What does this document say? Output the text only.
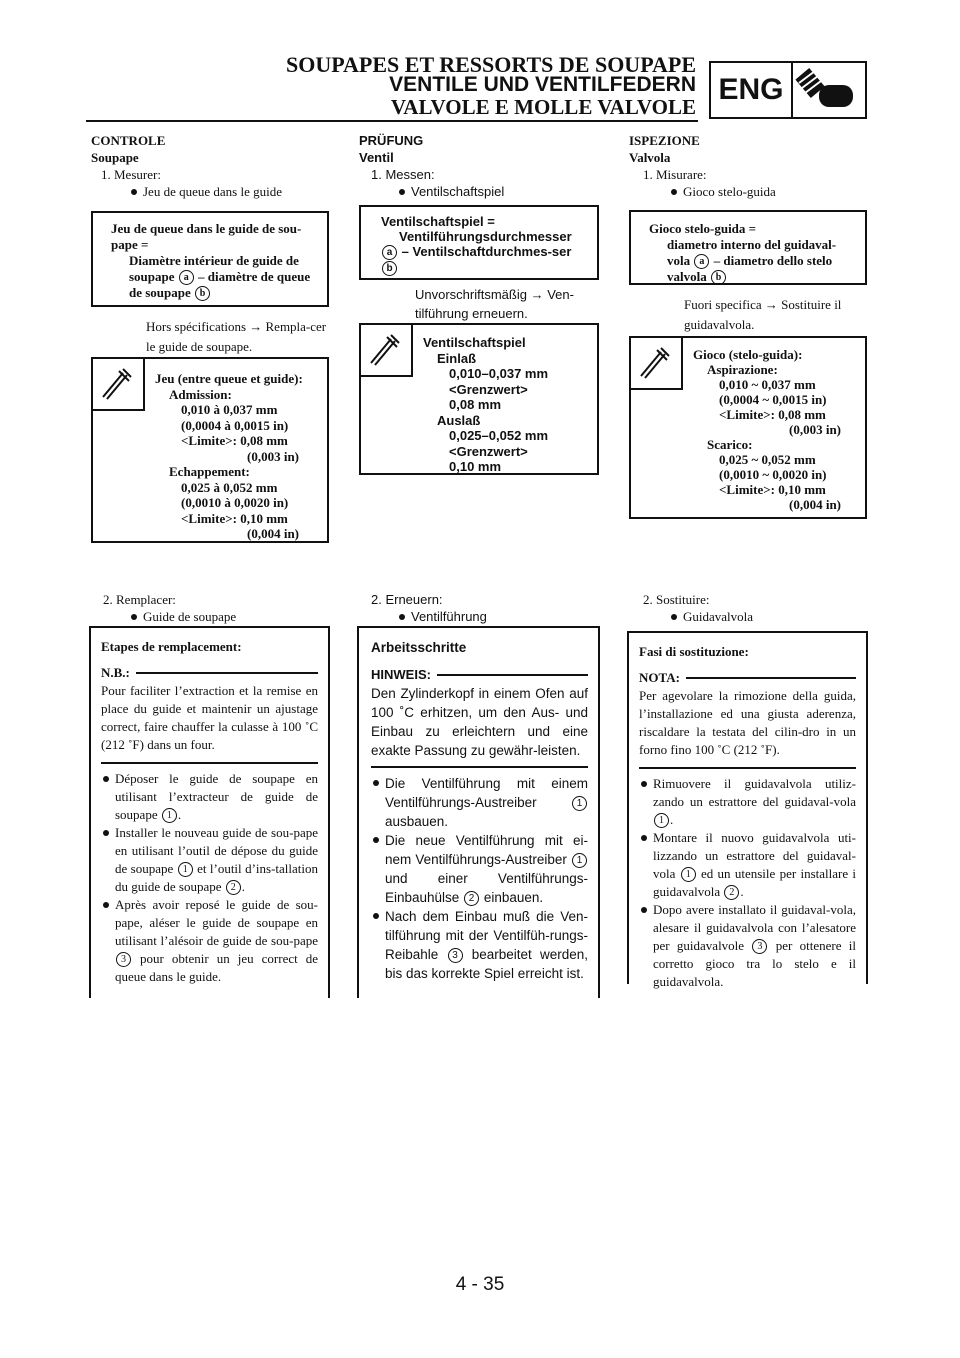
SOUPAPES ET RESSORTS DE SOUPAPE
VENTILE UND VENTILFEDERN
VALVOLE E MOLLE VALVOLE
ENG
CONTROLE
Soupape
1. Mesurer:
Jeu de queue dans le guide
Jeu de queue dans le guide de sou-pape =
Diamètre intérieur de guide de soupape a – diamètre de queue de soupape b
Hors spécifications → Rempla-cer le guide de soupape.
Jeu (entre queue et guide):
Admission:
0,010 à 0,037 mm
(0,0004 à 0,0015 in)
<Limite>: 0,08 mm
(0,003 in)
Echappement:
0,025 à 0,052 mm
(0,0010 à 0,0020 in)
<Limite>: 0,10 mm
(0,004 in)
2. Remplacer:
Guide de soupape
Etapes de remplacement:
N.B.:

Pour faciliter l’extraction et la remise en place du guide et maintenir un ajustage correct, faire chauffer la culasse à 100 ˚C (212 ˚F) dans un four.

Déposer le guide de soupape en utilisant l’extracteur de guide de soupape 1 .
Installer le nouveau guide de sou-pape en utilisant l’outil de dépose du guide de soupape 1 et l’outil d’ins-tallation du guide de soupape 2 .
Après avoir reposé le guide de sou-pape, aléser le guide de soupape en utilisant l’alésoir de guide de sou-pape 3 pour obtenir un jeu correct de queue dans le guide.
PRÜFUNG
Ventil
1. Messen:
Ventilschaftspiel
Ventilschaftspiel =
Ventilführungsdurchmesser
a – Ventilschaftdurchmes-ser b
Unvorschriftsmäßig → Ven-tilführung erneuern.
Ventilschaftspiel
Einlaß
0,010–0,037 mm
<Grenzwert>
0,08 mm
Auslaß
0,025–0,052 mm
<Grenzwert>
0,10 mm
2. Erneuern:
Ventilführung
Arbeitsschritte
HINWEIS:

Den Zylinderkopf in einem Ofen auf 100 ˚C erhitzen, um den Aus- und Einbau zu erleichtern und eine exakte Passung zu gewähr-leisten.

Die Ventilführung mit einem Ventilführungs-Austreiber	1 ausbauen.
Die neue Ventilführung mit ei-nem Ventilführungs-Austreiber 1 und einer Ventilführungs-Einbauhülse 2 einbauen.
Nach dem Einbau muß die Ven-tilführung mit der Ventilfüh-rungs-Reibahle 3 bearbeitet werden, bis das korrekte Spiel erreicht ist.
ISPEZIONE
Valvola
1. Misurare:
Gioco stelo-guida
Gioco stelo-guida =
diametro interno del guidaval-vola a – diametro dello stelo valvola b
Fuori specifica → Sostituire il guidavalvola.
Gioco (stelo-guida):
Aspirazione:
0,010 ~ 0,037 mm
(0,0004 ~ 0,0015 in)
<Limite>: 0,08 mm
(0,003 in)
Scarico:
0,025 ~ 0,052 mm
(0,0010 ~ 0,0020 in)
<Limite>: 0,10 mm
(0,004 in)
2. Sostituire:
Guidavalvola
Fasi di sostituzione:
NOTA:

Per agevolare la rimozione della guida, l’installazione ed una giusta aderenza, riscaldare la testata del cilin-dro in un forno fino 100 ˚C (212 ˚F).

Rimuovere il guidavalvola utiliz-zando un estrattore del guidaval-vola 1 .
Montare il nuovo guidavalvola uti-lizzando un estrattore del guidaval-vola 1 ed un utensile per installare i guidavalvola 2 .
Dopo avere installato il guidaval-vola, alesare il guidavalvola con l’alesatore per guidavalvole 3 per ottenere il corretto gioco tra lo stelo e il guidavalvola.
4 - 35
